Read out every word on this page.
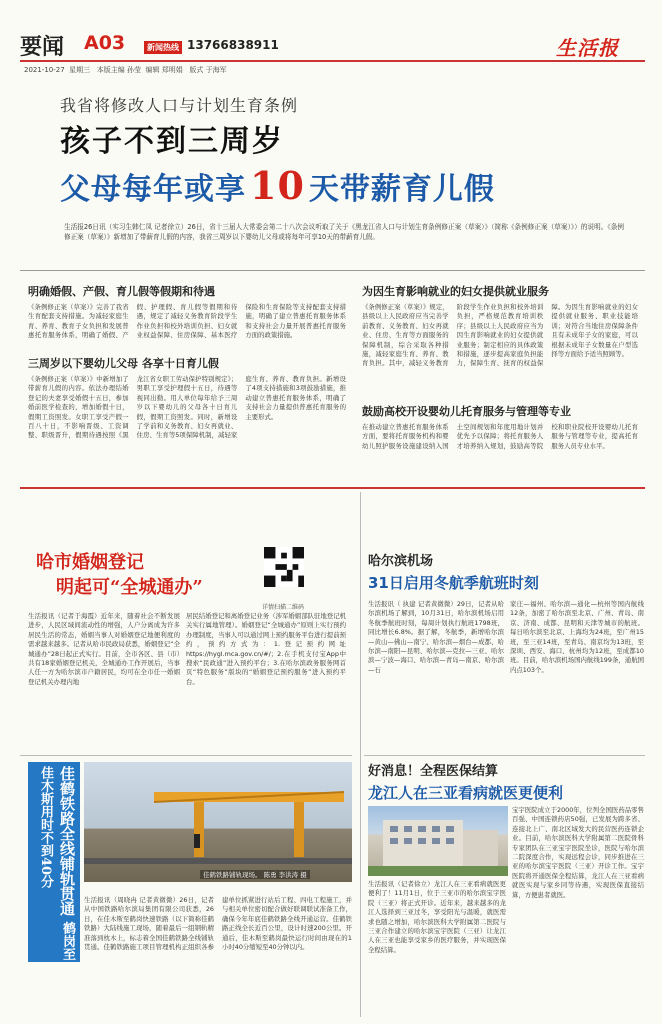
要闻 A03	新闻热线 13766838911	生活报
2021-10-27  星期三   本版主编 孙莹  编辑 郑明娟   版式 于海军
我省将修改人口与计划生育条例
孩子不到三周岁
父母每年或享 10 天带薪育儿假
生活报26日讯（实习生韩仁凤 记者徐立）26日，省十三届人大常委会第二十八次会议听取了关于《黑龙江省人口与计划生育条例修正案（草案）》（简称《条例修正案（草案）》）的说明。《条例修正案（草案）》新增加了带薪育儿假的内容，我省三周岁以下婴幼儿父母或将每年可享10天的带薪育儿假。
明确婚假、产假、育儿假等假期和待遇
《条例修正案（草案）》完善了我省生育配套支持措施。为减轻家庭生育、养育、教育子女负担和发展普惠托育服务体系，明确了婚假、产假、护理假、育儿假等假期和待遇，规定了减轻义务教育阶段学生作业负担和校外培训负担、妇女就业权益保障、住房保障、基本医疗保险和生育保险等支持配套支持措施，明确了建立普惠托育服务体系和支持社会力量开展普惠托育服务方面的政策措施。
三周岁以下婴幼儿父母 各享十日育儿假
《条例修正案（草案）》中新增加了带薪育儿假的内容。依法办理结婚登记的夫妻享受婚假十五日，参加婚前医学检查的，增加婚假十日，假期工资照发。女职工享受产假一百八十日，不影响晋级、工资调整、职级晋升，假期待遇按照《黑龙江省女职工劳动保护特别规定》；男职工享受护理假十五日，待遇等视同出勤。用人单位每年给予三周岁以下婴幼儿的父母各十日育儿假，假期工资照发。同时，新增设了学前和义务教育、妇女再就业、住房、生育等5项保障机制，减轻家庭生育、养育、教育负担。新增设了4项支持措施和3项鼓励措施，推动建立普惠托育服务体系，明确了支持社会力量提供普惠托育服务的主要形式。
为因生育影响就业的妇女提供就业服务
《条例修正案（草案）》规定，县级以上人民政府应当完善学前教育、义务教育、妇女再就业、住房、生育等方面服务的保障机制，综合采取各种措施，减轻家庭生育、养育、教育负担。其中，减轻义务教育阶段学生作业负担和校外培训负担，严格规范教育培训秩序；县级以上人民政府应当为因生育影响就业的妇女提供就业服务；制定相应的具体政策和措施，逐步提高家庭负担能力，保障生育、抚育的权益保障。为因生育影响就业的妇女提供就业服务、职业技能培训；对符合当地住房保障条件且有未成年子女的家庭，可以根据未成年子女数量在户型选择等方面给予适当照顾等。
鼓励高校开设婴幼儿托育服务与管理等专业
在推动建立普惠托育服务体系方面，要将托育服务机构和婴幼儿照护服务设施建设纳入国土空间规划和年度用地计划并优先予以保障；将托育服务人才培养纳入规划，鼓励高等院校和职业院校开设婴幼儿托育服务与管理等专业，提高托育服务人员专业水平。
哈市婚姻登记
明起可“全城通办”
详情扫描二维码
生活报讯（记者于海霞）近年来，随着社会不断发展进步，人民区域间流动性的增强，人户分离成为许多居民生活的常态，婚姻当事人对婚姻登记地便利度的需求越来越多。记者从哈市民政局获悉，婚姻登记“全城通办”28日起正式实行。目前，全市各区、县（市）共有18家婚姻登记机关，全城通办工作开展后，当事人任一方为哈尔滨市户籍居民，均可在全市任一婚姻登记机关办理内地
居民结婚登记和离婚登记业务（涉军婚姻部队驻地登记机关实行属地管理）。婚姻登记“全城通办”原则上实行预约办理制度，当事人可以通过网上预约服务平台进行提前预约，预约方式为：1.登记预约网址https://hygl.mca.gov.cn/#/；2.在手机支付宝App中搜索“民政通”进入预约平台；3.在哈尔滨政务服务网首页“特色服务”版块的“婚姻登记预约服务”进入预约平台。
佳鹤铁路全线铺轨贯通 鹤岗至佳木斯用时不到40分	佳鹤铁路铺轨现场。 陈勇 李洪涛 摄
生活报讯（周晓冉 记者黄微微）26日，记者从中国铁路哈尔滨局集团有限公司获悉，26日，在佳木斯至鹤岗快速铁路（以下简称佳鹤铁路）大陆线施工现场，随着最后一组钢轨精准落到枕木上，标志着全国佳鹤铁路全线铺轨贯通。佳鹤铁路施工项目管理机构正组织各参建单位抓紧进行站后工程、四电工程施工，并与相关单位密切配合做好联调联试准备工作，确保今年年底佳鹤铁路全线开通运营。佳鹤铁路正线全长近百公里，设计时速200公里。开通后，佳木斯至鹤岗最快运行时间由现在的1小时40分缩短至40分钟以内。
哈尔滨机场
31日启用冬航季航班时刻
生活报讯（ 执建 记者黄微微）29日，记者从哈尔滨机场了解到，10月31日，哈尔滨机场启用冬航季航班时刻，每周计划执行航班1798班，同比增长6.8%。据了解，冬航季，新增哈尔滨—黄山—佛山—南宁、哈尔滨—烟台—成都、哈尔滨—南阳—昆明、哈尔滨—克拉—三亚、哈尔滨—宁波—海口、哈尔滨—青岛—南京、哈尔滨—石
家庄—福州、哈尔滨—通化—杭州等国内航线12条，加密了哈尔滨至北京、广州、青岛、南京、济南、成都、昆明和天津等城市的航班。每日哈尔滨至北京、上海均为24班，至广州15班，至三亚14班，至青岛、南京均为13班，至深圳、西安、海口、杭州均为12班，至成都10班。目前，哈尔滨机场国内航线199条，通航国内点103个。
好消息！全程医保结算
龙江人在三亚看病就医更便利
生活报讯（记者徐立）龙江人在三亚看病就医更便利了！11月1日，位于三亚市的哈尔滨宝宇医院（三亚）将正式开诊。近年来，越来越多的龙江人选择到三亚过冬，享受阳光与温暖，就医需求也随之增加，哈尔滨医科大学附属第二医院与三亚合作建立的哈尔滨宝宇医院（三亚）让龙江人在三亚也能享受家乡的医疗服务，并实现医保全程结算。
宝宇医院成立于2000年，位列全国医药品零售百强、中国连锁药店50强，已发展为跨多省、连接北上广、南北区域发大的民营医药连锁企业。目前，哈尔滨医科大学附属第二医院骨科专家团队在三亚宝宇医院坐诊，医院与哈尔滨二院深度合作，实现远程会诊，同步推进在三亚的哈尔滨宝宇医院（三亚）开诊工作。宝宇医院将开通医保全程结算，龙江人在三亚看病就医实现与家乡同等待遇，实现医保直接结算，方便患者就医。
